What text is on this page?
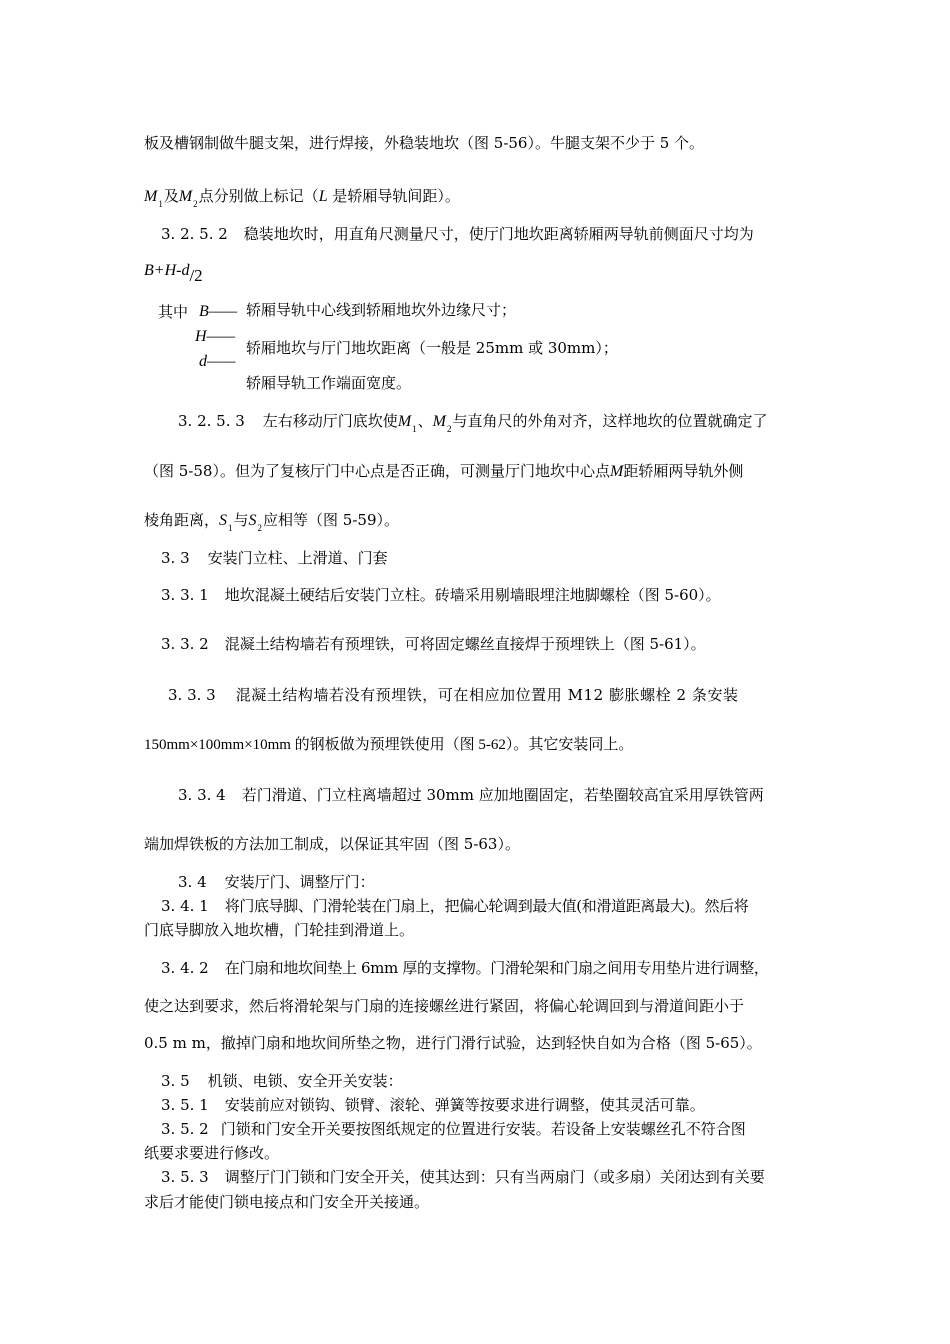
板及槽钢制做牛腿支架，进行焊接，外稳装地坎（图 5-56）。牛腿支架不少于 5 个。
$M_1$及$M_2$点分别做上标记（L 是轿厢导轨间距）。
3. 2. 5. 2 稳装地坎时，用直角尺测量尺寸，使厅门地坎距离轿厢两导轨前侧面尺寸均为
B+H-d/2
其中 B——
H——
d——
轿厢导轨中心线到轿厢地坎外边缘尺寸；
轿厢地坎与厅门地坎距离（一般是 25mm 或 30mm）；
轿厢导轨工作端面宽度。
3. 2. 5. 3 左右移动厅门底坎使$M_1$、$M_2$与直角尺的外角对齐，这样地坎的位置就确定了
（图 5-58）。但为了复核厅门中心点是否正确，可测量厅门地坎中心点M距轿厢两导轨外侧
棱角距离，$S_1$与$S_2$应相等（图 5-59）。
3. 3 安装门立柱、上滑道、门套
3. 3. 1 地坎混凝土硬结后安装门立柱。砖墙采用剔墙眼埋注地脚螺栓（图 5-60）。
3. 3. 2 混凝土结构墙若有预埋铁，可将固定螺丝直接焊于预埋铁上（图 5-61）。
3. 3. 3 混凝土结构墙若没有预埋铁，可在相应加位置用 M12 膨胀螺栓 2 条安装
150mm×100mm×10mm 的钢板做为预埋铁使用（图 5-62）。其它安装同上。
3. 3. 4 若门滑道、门立柱离墙超过 30mm 应加地圈固定，若垫圈较高宜采用厚铁管两
端加焊铁板的方法加工制成，以保证其牢固（图 5-63）。
3. 4 安装厅门、调整厅门：
3. 4. 1 将门底导脚、门滑轮装在门扇上，把偏心轮调到最大值(和滑道距离最大)。然后将
门底导脚放入地坎槽，门轮挂到滑道上。
3. 4. 2 在门扇和地坎间垫上 6mm 厚的支撑物。门滑轮架和门扇之间用专用垫片进行调整，
使之达到要求，然后将滑轮架与门扇的连接螺丝进行紧固，将偏心轮调回到与滑道间距小于
0.5 m m，撤掉门扇和地坎间所垫之物，进行门滑行试验，达到轻快自如为合格（图 5-65）。
3. 5 机锁、电锁、安全开关安装：
3. 5. 1 安装前应对锁钩、锁臂、滚轮、弹簧等按要求进行调整，使其灵活可靠。
3. 5. 2 门锁和门安全开关要按图纸规定的位置进行安装。若设备上安装螺丝孔不符合图
纸要求要进行修改。
3. 5. 3 调整厅门门锁和门安全开关，使其达到：只有当两扇门（或多扇）关闭达到有关要
求后才能使门锁电接点和门安全开关接通。
